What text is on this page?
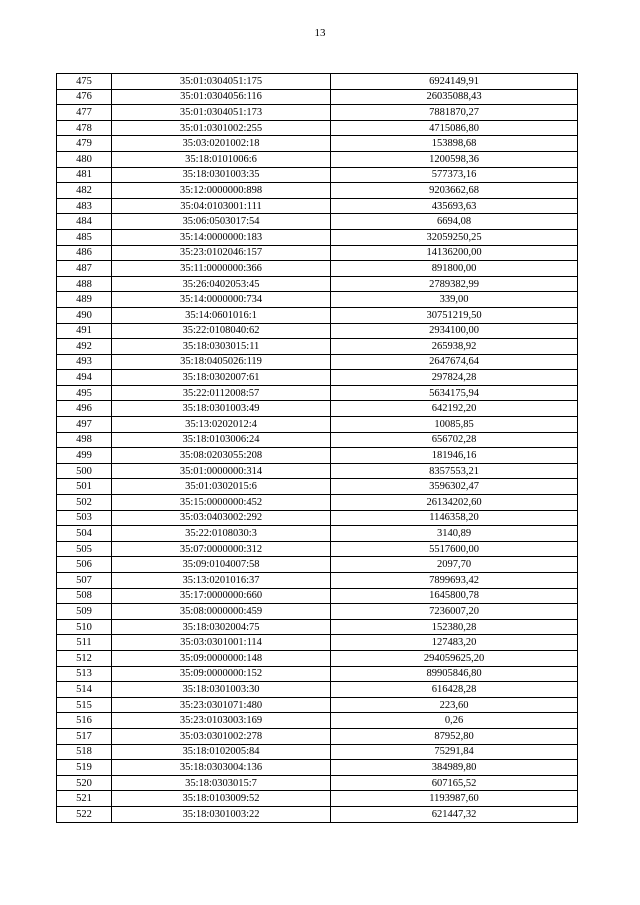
13
475	35:01:0304051:175	6924149,91
476	35:01:0304056:116	26035088,43
477	35:01:0304051:173	7881870,27
478	35:01:0301002:255	4715086,80
479	35:03:0201002:18	153898,68
480	35:18:0101006:6	1200598,36
481	35:18:0301003:35	577373,16
482	35:12:0000000:898	9203662,68
483	35:04:0103001:111	435693,63
484	35:06:0503017:54	6694,08
485	35:14:0000000:183	32059250,25
486	35:23:0102046:157	14136200,00
487	35:11:0000000:366	891800,00
488	35:26:0402053:45	2789382,99
489	35:14:0000000:734	339,00
490	35:14:0601016:1	30751219,50
491	35:22:0108040:62	2934100,00
492	35:18:0303015:11	265938,92
493	35:18:0405026:119	2647674,64
494	35:18:0302007:61	297824,28
495	35:22:0112008:57	5634175,94
496	35:18:0301003:49	642192,20
497	35:13:0202012:4	10085,85
498	35:18:0103006:24	656702,28
499	35:08:0203055:208	181946,16
500	35:01:0000000:314	8357553,21
501	35:01:0302015:6	3596302,47
502	35:15:0000000:452	26134202,60
503	35:03:0403002:292	1146358,20
504	35:22:0108030:3	3140,89
505	35:07:0000000:312	5517600,00
506	35:09:0104007:58	2097,70
507	35:13:0201016:37	7899693,42
508	35:17:0000000:660	1645800,78
509	35:08:0000000:459	7236007,20
510	35:18:0302004:75	152380,28
511	35:03:0301001:114	127483,20
512	35:09:0000000:148	294059625,20
513	35:09:0000000:152	89905846,80
514	35:18:0301003:30	616428,28
515	35:23:0301071:480	223,60
516	35:23:0103003:169	0,26
517	35:03:0301002:278	87952,80
518	35:18:0102005:84	75291,84
519	35:18:0303004:136	384989,80
520	35:18:0303015:7	607165,52
521	35:18:0103009:52	1193987,60
522	35:18:0301003:22	621447,32
